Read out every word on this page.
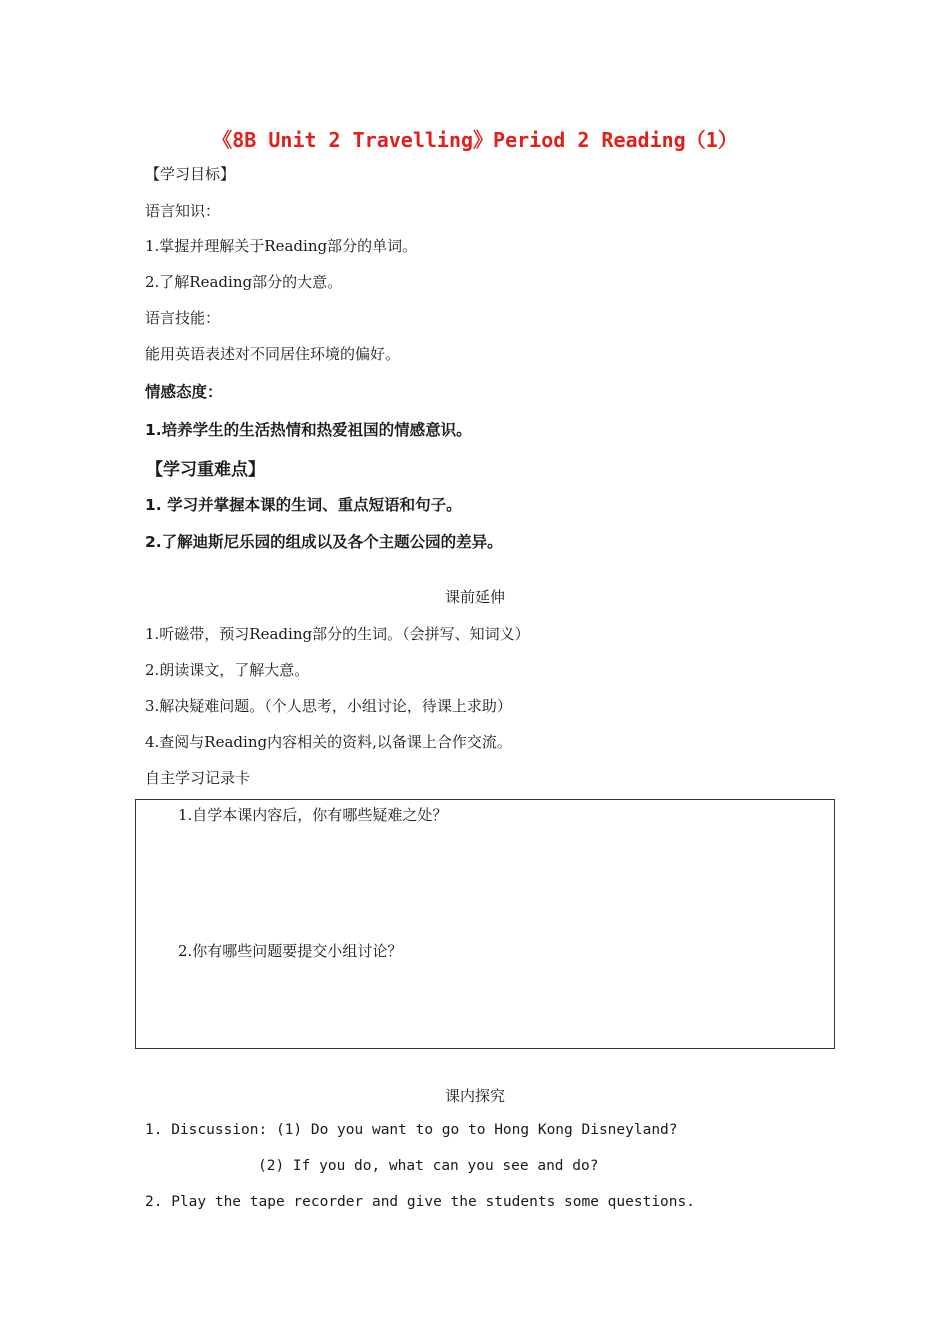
《8B Unit 2 Travelling》Period 2 Reading（1）
【学习目标】
语言知识：
1.掌握并理解关于Reading部分的单词。
2.了解Reading部分的大意。
语言技能：
能用英语表述对不同居住环境的偏好。
情感态度：
1.培养学生的生活热情和热爱祖国的情感意识。
【学习重难点】
1. 学习并掌握本课的生词、重点短语和句子。
2.了解迪斯尼乐园的组成以及各个主题公园的差异。
课前延伸
1.听磁带，预习Reading部分的生词。（会拼写、知词义）
2.朗读课文，了解大意。
3.解决疑难问题。（个人思考，小组讨论，待课上求助）
4.查阅与Reading内容相关的资料,以备课上合作交流。
自主学习记录卡
1.自学本课内容后，你有哪些疑难之处？
2.你有哪些问题要提交小组讨论？
课内探究
1. Discussion: (1) Do you want to go to Hong Kong Disneyland?
(2) If you do, what can you see and do?
2. Play the tape recorder and give the students some questions.
